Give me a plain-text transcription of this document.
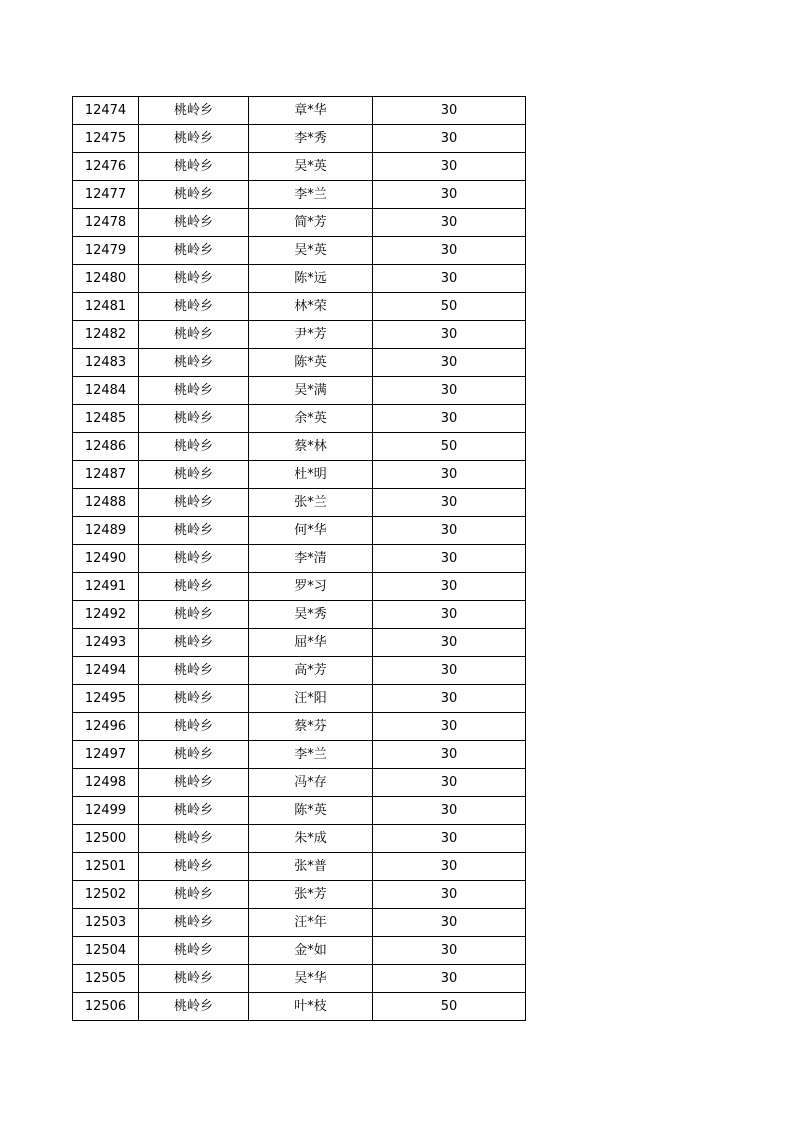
12474	桃岭乡	章*华	30
12475	桃岭乡	李*秀	30
12476	桃岭乡	吴*英	30
12477	桃岭乡	李*兰	30
12478	桃岭乡	简*芳	30
12479	桃岭乡	吴*英	30
12480	桃岭乡	陈*远	30
12481	桃岭乡	林*荣	50
12482	桃岭乡	尹*芳	30
12483	桃岭乡	陈*英	30
12484	桃岭乡	吴*满	30
12485	桃岭乡	余*英	30
12486	桃岭乡	蔡*林	50
12487	桃岭乡	杜*明	30
12488	桃岭乡	张*兰	30
12489	桃岭乡	何*华	30
12490	桃岭乡	李*清	30
12491	桃岭乡	罗*习	30
12492	桃岭乡	吴*秀	30
12493	桃岭乡	屈*华	30
12494	桃岭乡	高*芳	30
12495	桃岭乡	汪*阳	30
12496	桃岭乡	蔡*芬	30
12497	桃岭乡	李*兰	30
12498	桃岭乡	冯*存	30
12499	桃岭乡	陈*英	30
12500	桃岭乡	朱*成	30
12501	桃岭乡	张*普	30
12502	桃岭乡	张*芳	30
12503	桃岭乡	汪*年	30
12504	桃岭乡	金*如	30
12505	桃岭乡	吴*华	30
12506	桃岭乡	叶*枝	50
